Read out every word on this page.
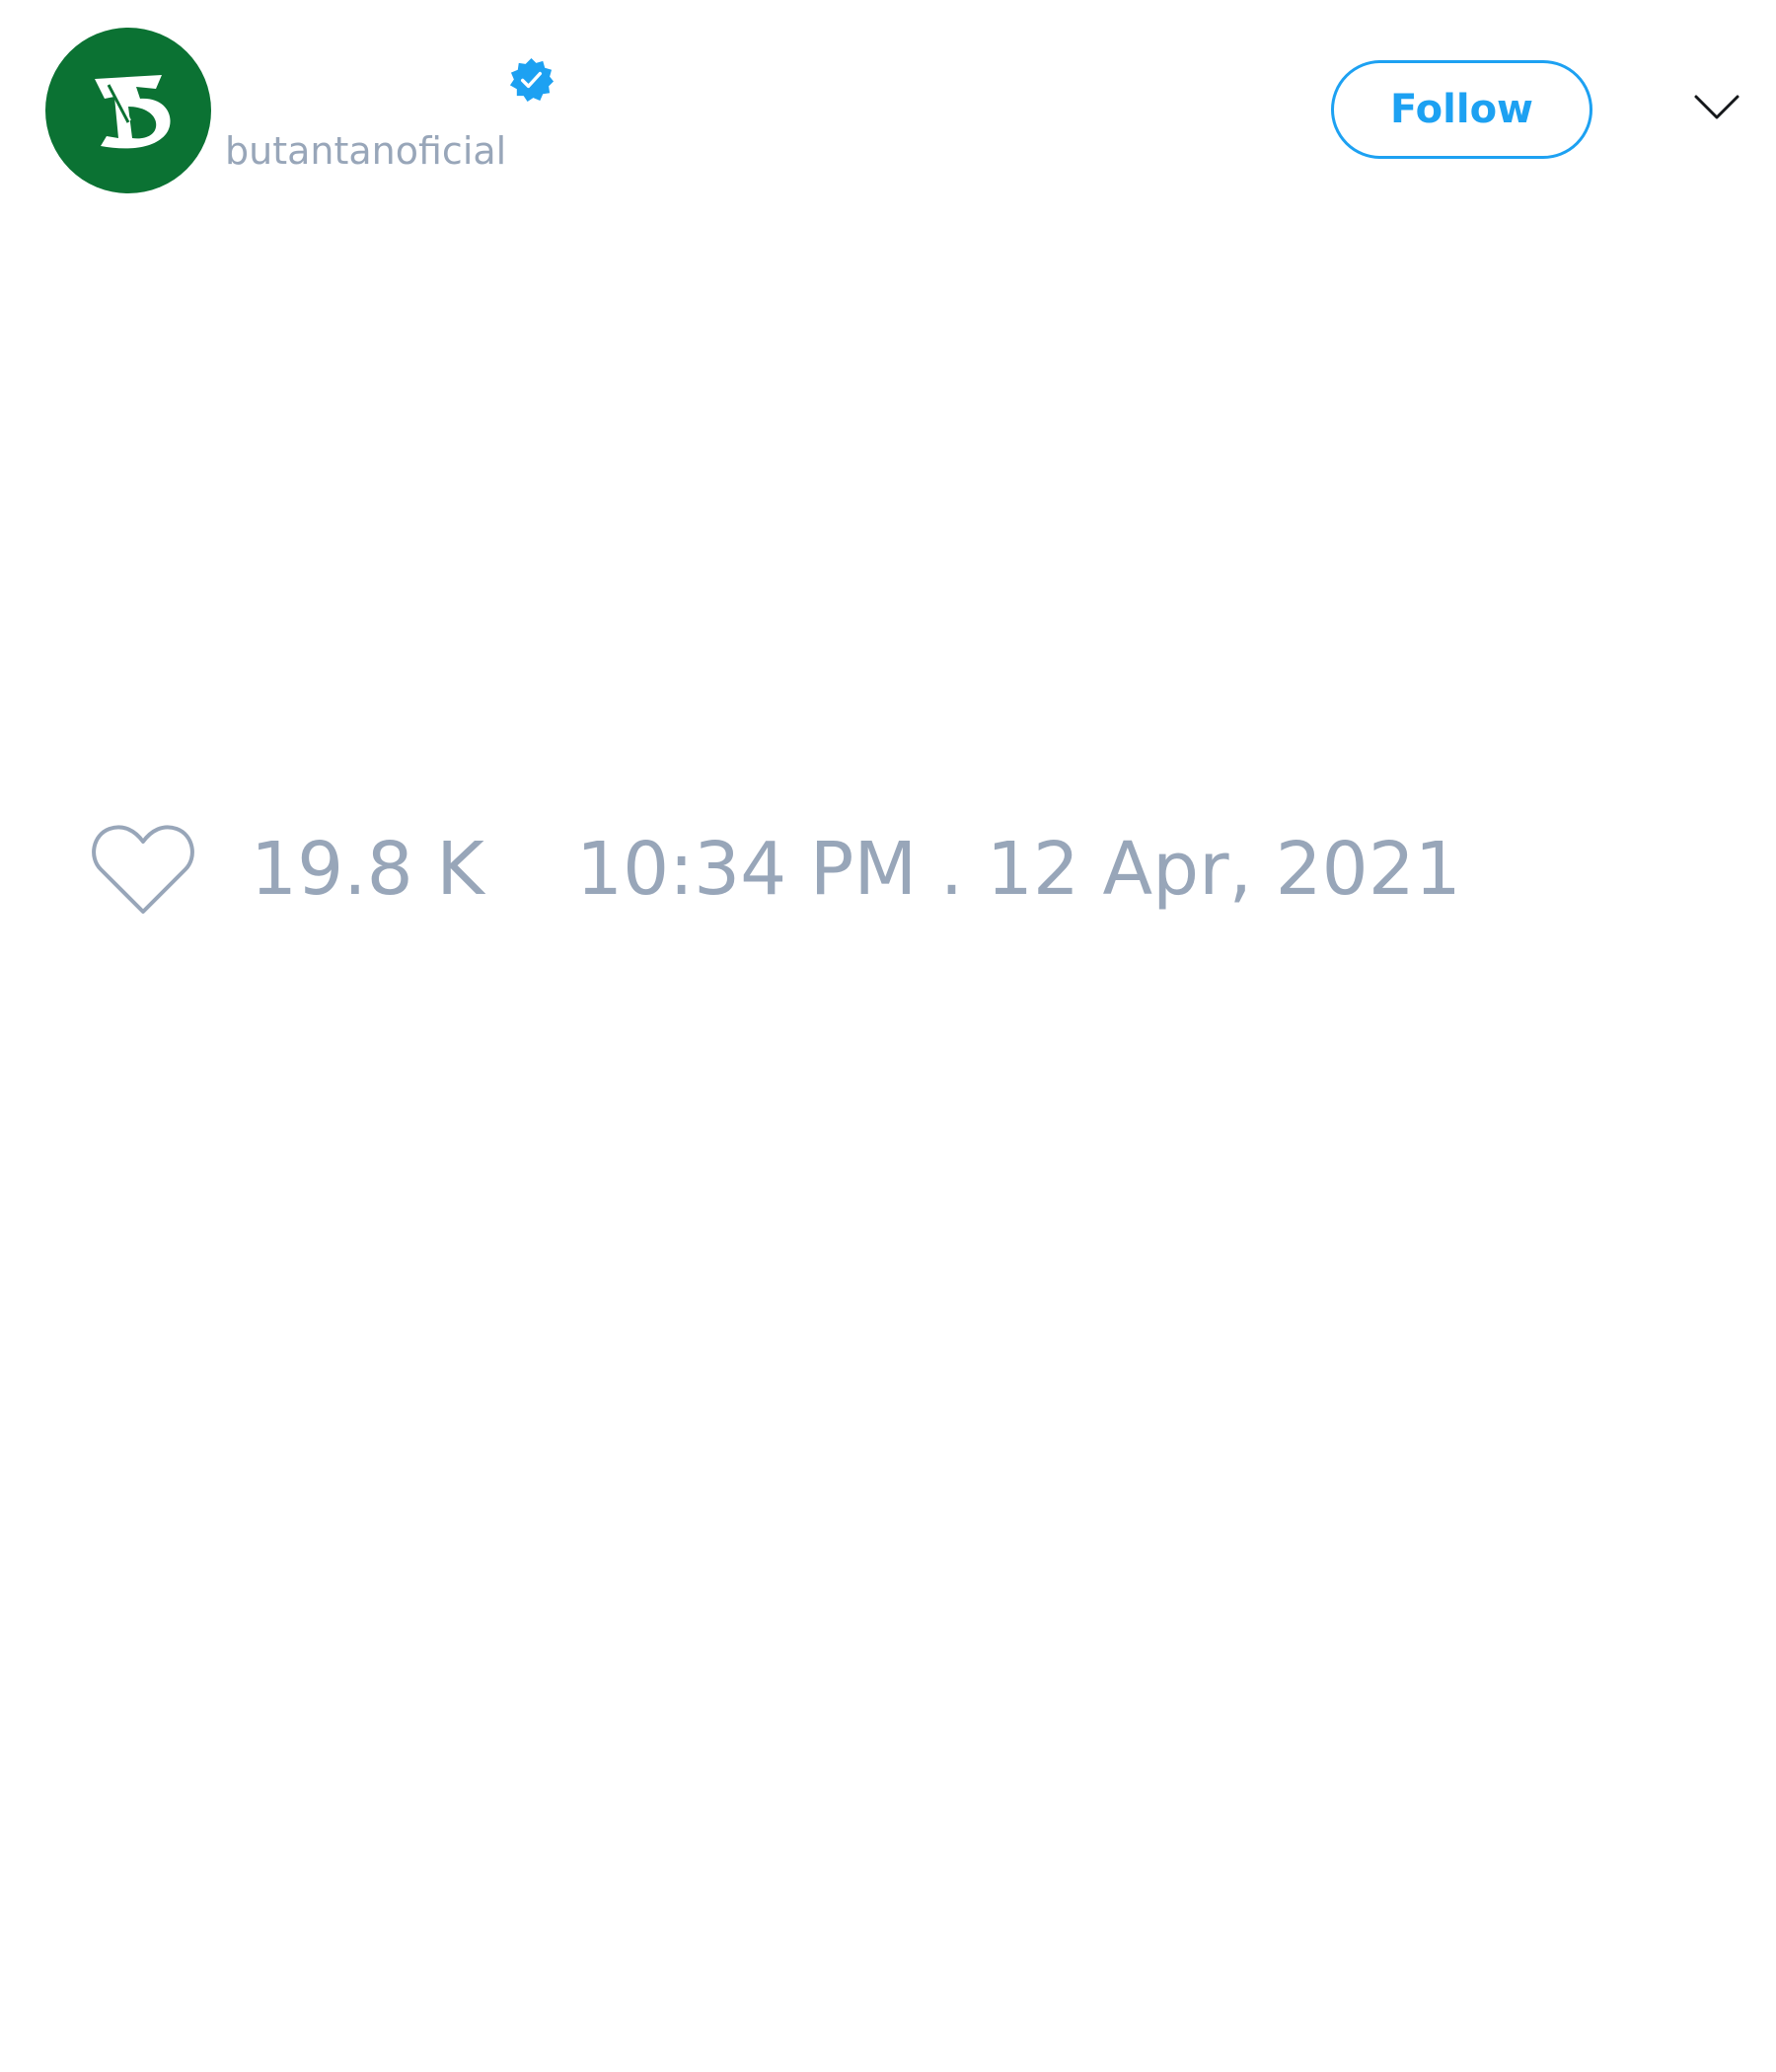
butantanoficial
Follow
19.8 K 10:34 PM . 12 Apr, 2021
